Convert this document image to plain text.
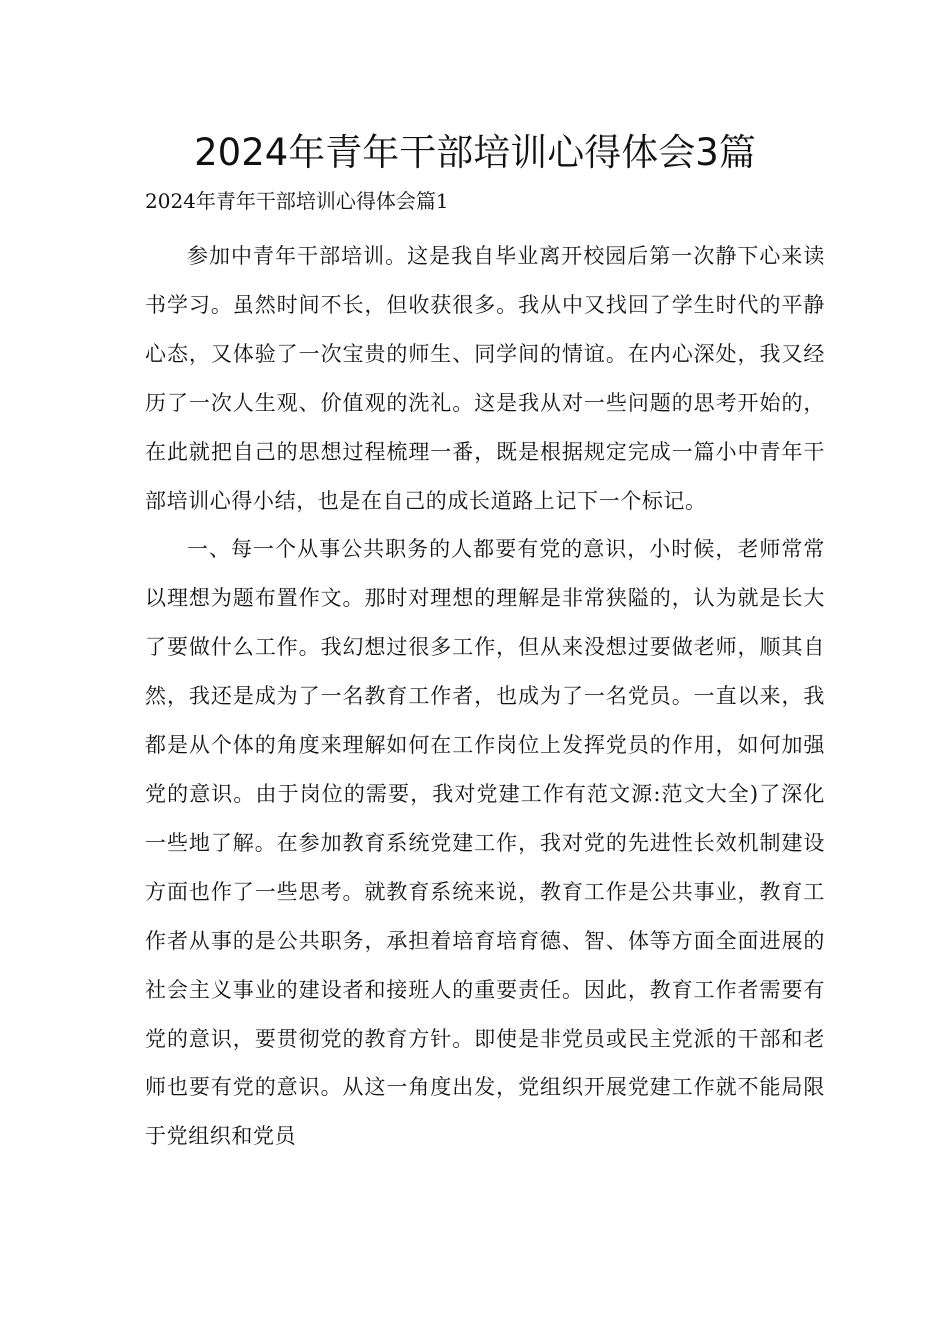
2024年青年干部培训心得体会3篇
2024年青年干部培训心得体会篇1

参加中青年干部培训。这是我自毕业离开校园后第一次静下心来读书学习。虽然时间不长，但收获很多。我从中又找回了学生时代的平静心态，又体验了一次宝贵的师生、同学间的情谊。在内心深处，我又经历了一次人生观、价值观的洗礼。这是我从对一些问题的思考开始的，在此就把自己的思想过程梳理一番，既是根据规定完成一篇小中青年干部培训心得小结，也是在自己的成长道路上记下一个标记。

一、每一个从事公共职务的人都要有党的意识，小时候，老师常常以理想为题布置作文。那时对理想的理解是非常狭隘的，认为就是长大了要做什么工作。我幻想过很多工作，但从来没想过要做老师，顺其自然，我还是成为了一名教育工作者，也成为了一名党员。一直以来，我都是从个体的角度来理解如何在工作岗位上发挥党员的作用，如何加强党的意识。由于岗位的需要，我对党建工作有范文源:范文大全)了深化一些地了解。在参加教育系统党建工作，我对党的先进性长效机制建设方面也作了一些思考。就教育系统来说，教育工作是公共事业，教育工作者从事的是公共职务，承担着培育培育德、智、体等方面全面进展的社会主义事业的建设者和接班人的重要责任。因此，教育工作者需要有党的意识，要贯彻党的教育方针。即使是非党员或民主党派的干部和老师也要有党的意识。从这一角度出发，党组织开展党建工作就不能局限于党组织和党员
